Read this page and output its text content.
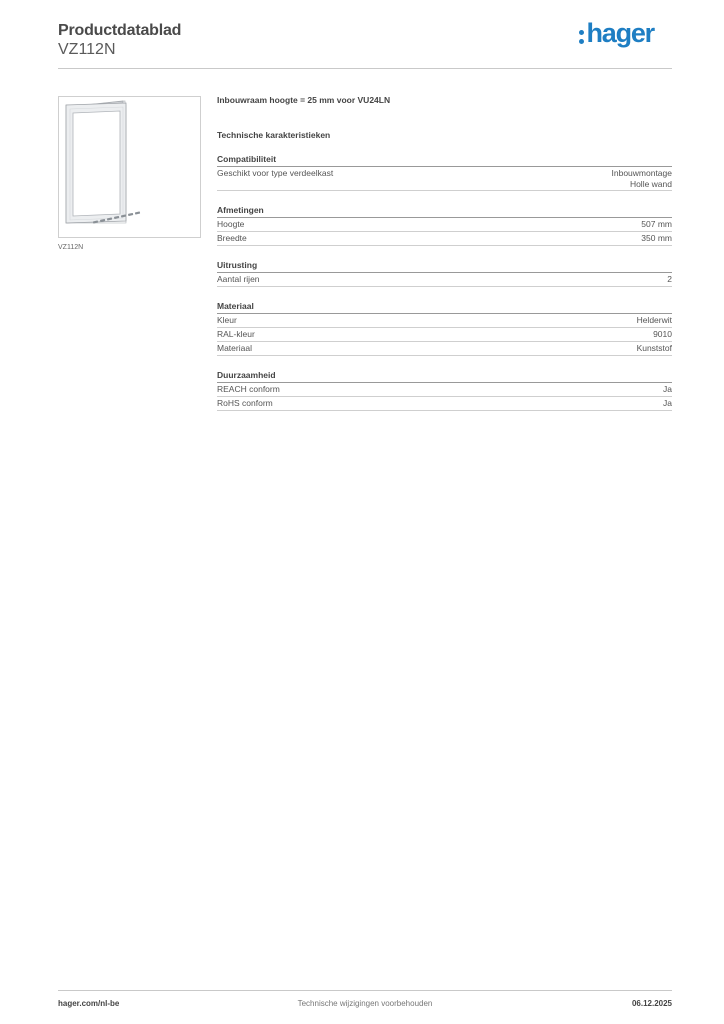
Productdatablad
VZ112N
hager
VZ112N
Inbouwraam hoogte = 25 mm voor VU24LN
Technische karakteristieken
Compatibiliteit
Geschikt voor type verdeelkast	Inbouwmontage
Holle wand
Afmetingen
Hoogte	507 mm
Breedte	350 mm
Uitrusting
Aantal rijen	2
Materiaal
Kleur	Helderwit
RAL-kleur	9010
Materiaal	Kunststof
Duurzaamheid
REACH conform	Ja
RoHS conform	Ja
Technische wijzigingen voorbehouden
hager.com/nl-be	06.12.2025
